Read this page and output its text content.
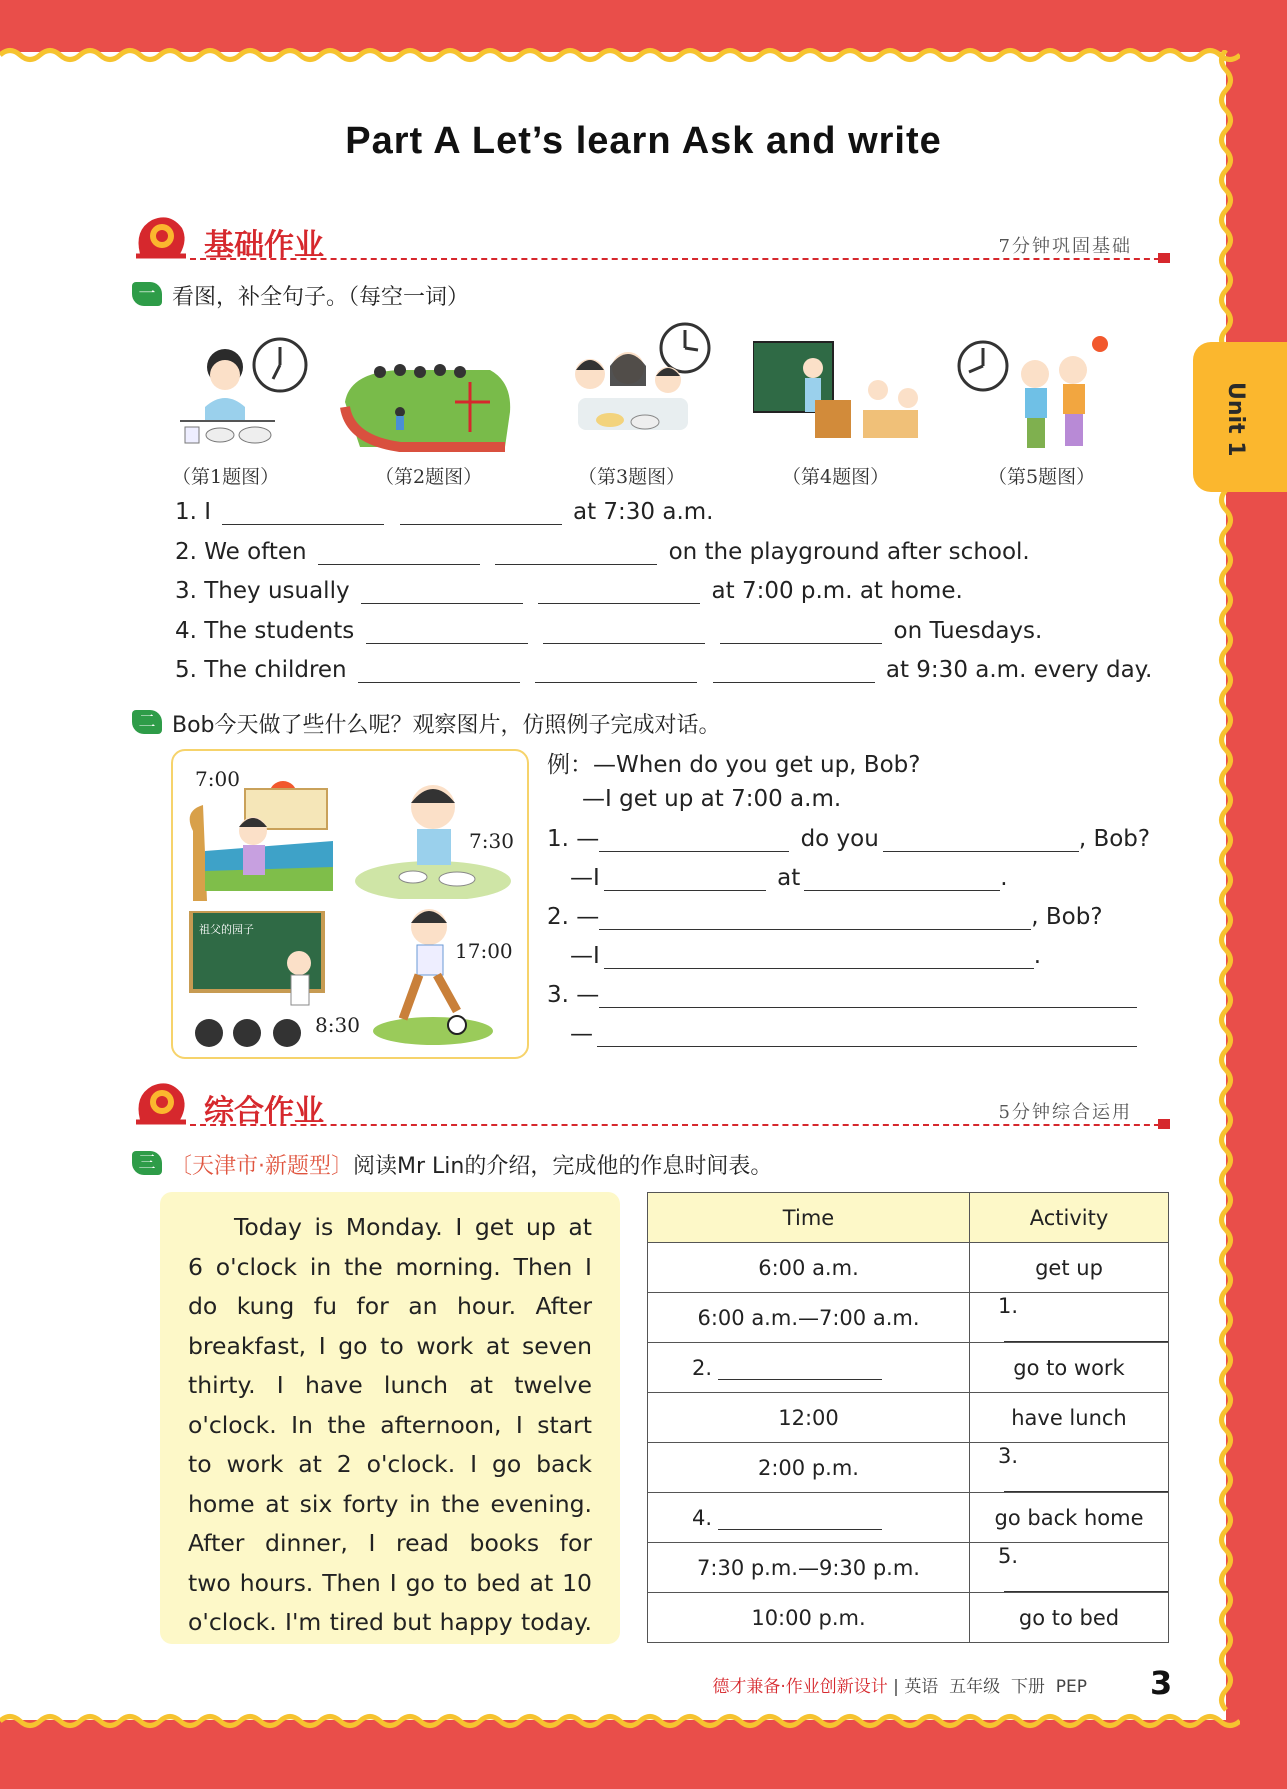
Part A Let’s learn Ask and write
Unit 1
基础作业	7分钟巩固基础
一 看图，补全句子。（每空一词）
（第1题图）	（第2题图）	（第3题图）	（第4题图）	（第5题图）
1. I	at 7:30 a.m.
2. We often	on the playground after school.
3. They usually	at 7:00 p.m. at home.
4. The students	on Tuesdays.
5. The children	at 9:30 a.m. every day.
二 Bob今天做了些什么呢？观察图片，仿照例子完成对话。
7:00
7:30
8:30
17:00
祖父的园子
例：—When do you get up, Bob?
—I get up at 7:00 a.m.
1. —	do you	, Bob?
—I	at	.
2. —	, Bob?
—I	.
3. —
—
综合作业	5分钟综合运用
三 〔天津市·新题型〕阅读Mr Lin的介绍，完成他的作息时间表。

Today is Monday. I get up at
6 o'clock in the morning. Then I
do kung fu for an hour. After
breakfast, I go to work at seven
thirty. I have lunch at twelve
o'clock. In the afternoon, I start
to work at 2 o'clock. I go back
home at six forty in the evening.
After dinner, I read books for
two hours. Then I go to bed at 10
o'clock. I'm tired but happy today.

Time	Activity
6:00 a.m.	get up
6:00 a.m.—7:00 a.m.	1.
2.	go to work
12:00	have lunch
2:00 p.m.	3.
4.	go back home
7:30 p.m.—9:30 p.m.	5.
10:00 p.m.	go to bed
德才兼备·作业创新设计 | 英语 五年级 下册 PEP 3
